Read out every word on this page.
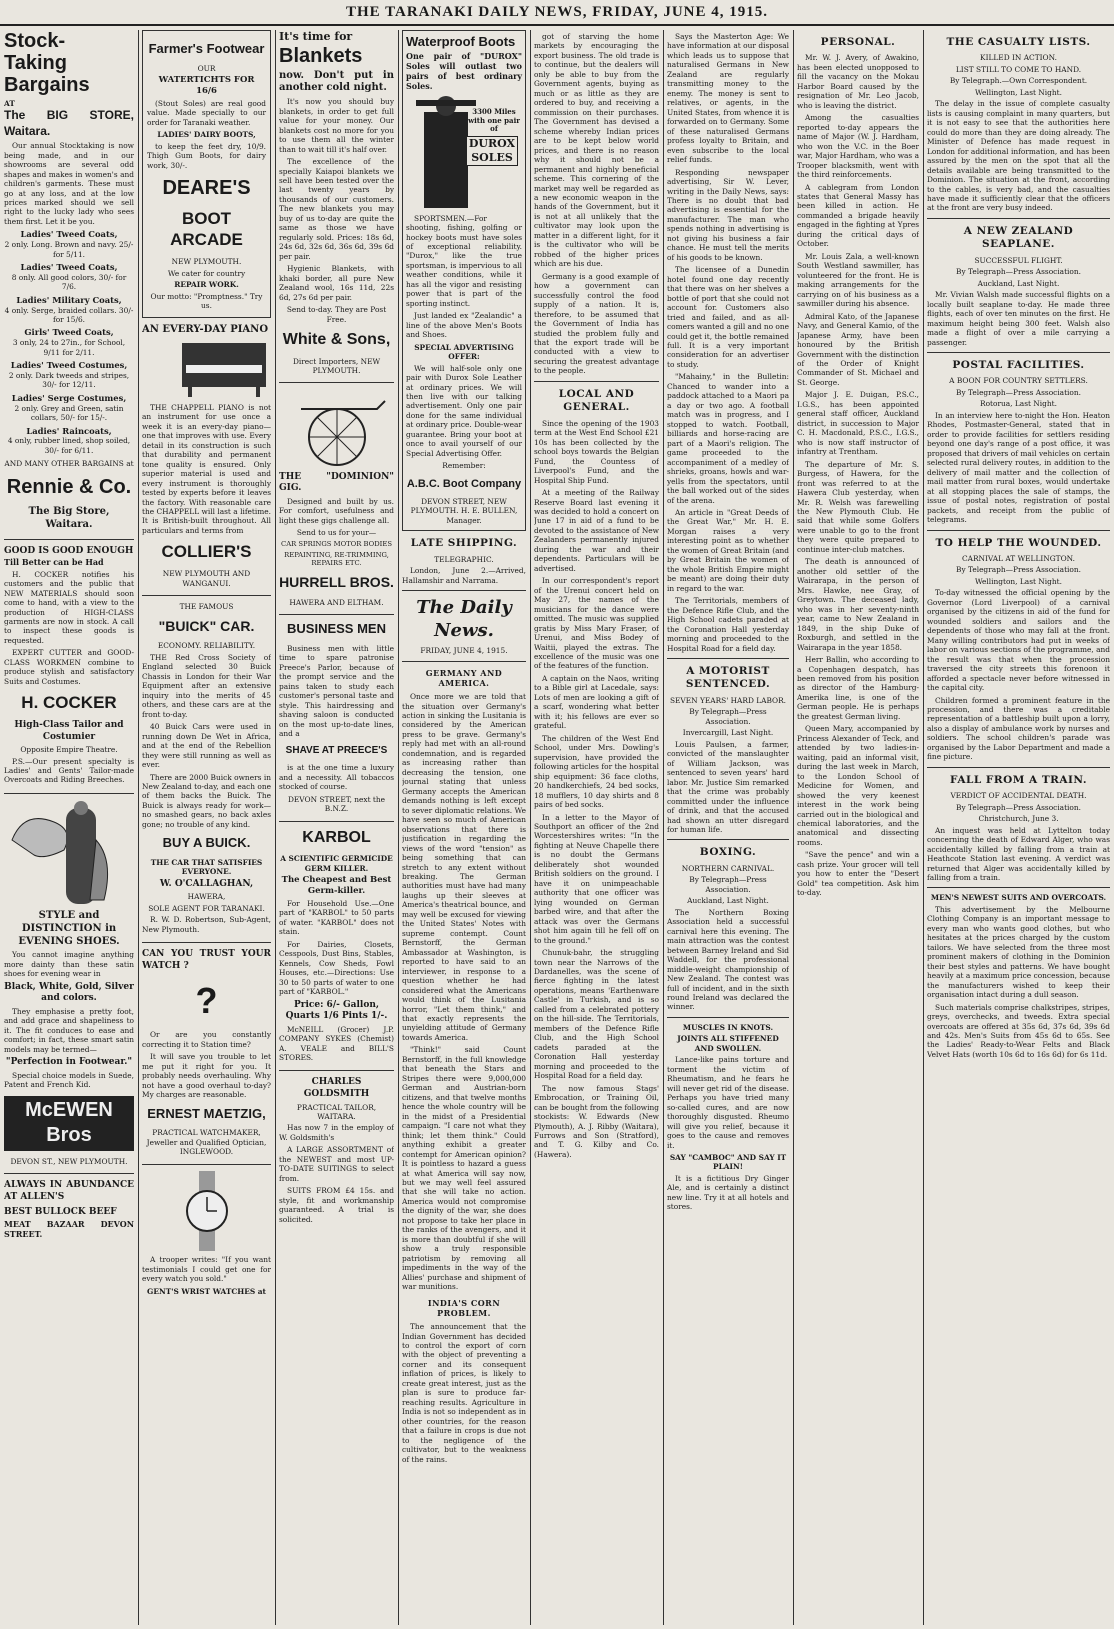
THE TARANAKI DAILY NEWS, FRIDAY, JUNE 4, 1915.
Stock-
Taking
Bargains
AT
The BIG STORE, Waitara.
Our annual Stocktaking is now being made, and in our showrooms are several odd shapes and makes in women's and children's garments. These must go at any loss, and at the low prices marked should we sell right to the lucky lady who sees them first. Let it be you.
Ladies' Tweed Coats,
2 only. Long. Brown and navy. 25/- for 5/11.
Ladies' Tweed Coats,
8 only. All good colors, 30/- for 7/6.
Ladies' Military Coats,
4 only. Serge, braided collars. 30/- for 15/6.
Girls' Tweed Coats,
3 only, 24 to 27in., for School, 9/11 for 2/11.
Ladies' Tweed Costumes,
2 only. Dark tweeds and stripes, 30/- for 12/11.
Ladies' Serge Costumes,
2 only. Grey and Green, satin collars, 50/- for 15/-.
Ladies' Raincoats,
4 only, rubber lined, shop soiled, 30/- for 6/11.
AND MANY OTHER BARGAINS at
Rennie & Co.
The Big Store, Waitara.
GOOD IS GOOD ENOUGH
Till Better can be Had
H. COCKER notifies his customers and the public that NEW MATERIALS should soon come to hand, with a view to the production of HIGH-CLASS garments are now in stock. A call to inspect these goods is requested.
EXPERT CUTTER and GOOD-CLASS WORKMEN combine to produce stylish and satisfactory Suits and Costumes.
H. COCKER
High-Class Tailor and Costumier
Opposite Empire Theatre.
P.S.—Our present specialty is Ladies' and Gents' Tailor-made Overcoats and Riding Breeches.
STYLE and DISTINCTION in EVENING SHOES.
You cannot imagine anything more dainty than these satin shoes for evening wear in
Black, White, Gold, Silver and colors.
They emphasise a pretty foot, and add grace and shapeliness to it. The fit conduces to ease and comfort; in fact, these smart satin models may be termed—
"Perfection in Footwear."
Special choice models in Suede, Patent and French Kid.
McEWEN Bros
DEVON ST., NEW PLYMOUTH.
ALWAYS IN ABUNDANCE AT ALLEN'S
BEST BULLOCK BEEF
MEAT BAZAAR DEVON STREET.
Farmer's Footwear
OUR
WATERTICHTS FOR 16/6
(Stout Soles) are real good value. Made specially to our order for Taranaki weather.
LADIES' DAIRY BOOTS,
to keep the feet dry, 10/9. Thigh Gum Boots, for dairy work, 30/-.
DEARE'S
BOOT ARCADE
NEW PLYMOUTH.
We cater for country
REPAIR WORK.
Our motto: "Promptness." Try us.
AN EVERY-DAY PIANO
THE CHAPPELL PIANO is not an instrument for use once a week it is an every-day piano—one that improves with use. Every detail in its construction is such that durability and permanent tone quality is ensured. Only superior material is used and every instrument is thoroughly tested by experts before it leaves the factory. With reasonable care the CHAPPELL will last a lifetime. It is British-built throughout. All particulars and terms from
COLLIER'S
NEW PLYMOUTH AND WANGANUI.
THE FAMOUS
"BUICK" CAR.
ECONOMY. RELIABILITY.
THE Red Cross Society of England selected 30 Buick Chassis in London for their War Equipment after an extensive inquiry into the merits of 45 others, and these cars are at the front to-day.
40 Buick Cars were used in running down De Wet in Africa, and at the end of the Rebellion they were still running as well as ever.
There are 2000 Buick owners in New Zealand to-day, and each one of them backs the Buick. The Buick is always ready for work—no smashed gears, no back axles gone; no trouble of any kind.
BUY A BUICK.
THE CAR THAT SATISFIES EVERYONE.
W. O'CALLAGHAN,
HAWERA,
SOLE AGENT FOR TARANAKI.
R. W. D. Robertson, Sub-Agent, New Plymouth.
CAN YOU TRUST YOUR WATCH ?
?
Or are you constantly correcting it to Station time?
It will save you trouble to let me put it right for you. It probably needs overhauling. Why not have a good overhaul to-day? My charges are reasonable.
ERNEST MAETZIG,
PRACTICAL WATCHMAKER, Jeweller and Qualified Optician, INGLEWOOD.
A trooper writes: "If you want testimonials I could get one for every watch you sold."
GENT'S WRIST WATCHES at
It's time for
Blankets
now. Don't put in another cold night.
It's now you should buy blankets, in order to get full value for your money. Our blankets cost no more for you to use them all the winter than to wait till it's half over.
The excellence of the specially Kaiapoi blankets we sell have been tested over the last twenty years by thousands of our customers. The new blankets you may buy of us to-day are quite the same as those we have regularly sold. Prices: 18s 6d, 24s 6d, 32s 6d, 36s 6d, 39s 6d per pair.
Hygienic Blankets, with khaki border, all pure New Zealand wool, 16s 11d, 22s 6d, 27s 6d per pair.
Send to-day. They are Post Free.
White & Sons,
Direct Importers, NEW PLYMOUTH.
THE "DOMINION" GIG.
Designed and built by us. For comfort, usefulness and light these gigs challenge all.
Send to us for your—
CAR SPRINGS MOTOR BODIES
REPAINTING, RE-TRIMMING, REPAIRS ETC.
HURRELL BROS.
HAWERA AND ELTHAM.
BUSINESS MEN
Business men with little time to spare patronise Preece's Parlor, because of the prompt service and the pains taken to study each customer's personal taste and style. This hairdressing and shaving saloon is conducted on the most up-to-date lines, and a
SHAVE AT PREECE'S
is at the one time a luxury and a necessity. All tobaccos stocked of course.
DEVON STREET, next the B.N.Z.
KARBOL
A SCIENTIFIC GERMICIDE GERM KILLER.
The Cheapest and Best Germ-killer.
For Household Use.—One part of "KARBOL" to 50 parts of water. "KARBOL" does not stain.
For Dairies, Closets, Cesspools, Dust Bins, Stables, Kennels, Cow Sheds, Fowl Houses, etc.—Directions: Use 30 to 50 parts of water to one part of "KARBOL."
Price: 6/- Gallon, Quarts 1/6 Pints 1/-.
McNEILL (Grocer) J.P. COMPANY SYKES (Chemist) A. VEALE and BILL'S STORES.
CHARLES GOLDSMITH
PRACTICAL TAILOR, WAITARA.
Has now 7 in the employ of W. Goldsmith's
A LARGE ASSORTMENT of the NEWEST and most UP-TO-DATE SUITINGS to select from.
SUITS FROM £4 15s. and style, fit and workmanship guaranteed. A trial is solicited.
Waterproof Boots
One pair of "DUROX" Soles will outlast two pairs of best ordinary Soles.
3300 Miles with one pair of
DUROX SOLES
SPORTSMEN.—For shooting, fishing, golfing or hockey boots must have soles of exceptional reliability. "Durox," like the true sportsman, is impervious to all weather conditions, while it has all the vigor and resisting power that is part of the sporting instinct.
Just landed ex "Zealandic" a line of the above Men's Boots and Shoes.
SPECIAL ADVERTISING OFFER:
We will half-sole only one pair with Durox Sole Leather at ordinary prices. We will then live with our talking advertisement. Only one pair done for the same individual at ordinary price. Double-wear guarantee. Bring your boot at once to avail yourself of our Special Advertising Offer.
Remember:
A.B.C. Boot Company
DEVON STREET, NEW PLYMOUTH. H. E. BULLEN, Manager.
LATE SHIPPING.
TELEGRAPHIC.
London, June 2.—Arrived, Hallamshir and Narrama.
The Daily News.
FRIDAY, JUNE 4, 1915.
GERMANY AND AMERICA.
Once more we are told that the situation over Germany's action in sinking the Lusitania is considered by the American press to be grave. Germany's reply had met with an all-round condemnation, and is regarded as increasing rather than decreasing the tension, one journal stating that unless Germany accepts the American demands nothing is left except to sever diplomatic relations. We have seen so much of American observations that there is justification in regarding the views of the word "tension" as being something that can stretch to any extent without breaking. The German authorities must have had many laughs up their sleeves at America's theatrical bounce, and may well be excused for viewing the United States' Notes with supreme contempt. Count Bernstorff, the German Ambassador at Washington, is reported to have said to an interviewer, in response to a question whether he had considered what the Americans would think of the Lusitania horror, "Let them think," and that exactly represents the unyielding attitude of Germany towards America.
"Think!" said Count Bernstorff, in the full knowledge that beneath the Stars and Stripes there were 9,000,000 German and Austrian-born citizens, and that twelve months hence the whole country will be in the midst of a Presidential campaign. "I care not what they think; let them think." Could anything exhibit a greater contempt for American opinion? It is pointless to hazard a guess at what America will say now, but we may well feel assured that she will take no action. America would not compromise the dignity of the war, she does not propose to take her place in the ranks of the avengers, and it is more than doubtful if she will show a truly responsible patriotism by removing all impediments in the way of the Allies' purchase and shipment of war munitions.
INDIA'S CORN PROBLEM.
The announcement that the Indian Government has decided to control the export of corn with the object of preventing a corner and its consequent inflation of prices, is likely to create great interest, just as the plan is sure to produce far-reaching results. Agriculture in India is not so independent as in other countries, for the reason that a failure in crops is due not to the negligence of the cultivator, but to the weakness of the rains.
got of starving the home markets by encouraging the export business. The old trade is to continue, but the dealers will only be able to buy from the Government agents, buying as much or as little as they are ordered to buy, and receiving a commission on their purchases. The Government has devised a scheme whereby Indian prices are to be kept below world prices, and there is no reason why it should not be a permanent and highly beneficial scheme. This cornering of the market may well be regarded as a new economic weapon in the hands of the Government, but it is not at all unlikely that the cultivator may look upon the matter in a different light, for it is the cultivator who will be robbed of the higher prices which are his due.
Germany is a good example of how a government can successfully control the food supply of a nation. It is, therefore, to be assumed that the Government of India has studied the problem fully and that the export trade will be conducted with a view to securing the greatest advantage to the people.
LOCAL AND GENERAL.
Since the opening of the 1903 term at the West End School £21 10s has been collected by the school boys towards the Belgian Fund, the Countess of Liverpool's Fund, and the Hospital Ship Fund.
At a meeting of the Railway Reserve Board last evening it was decided to hold a concert on June 17 in aid of a fund to be devoted to the assistance of New Zealanders permanently injured during the war and their dependents. Particulars will be advertised.
In our correspondent's report of the Urenui concert held on May 27, the names of the musicians for the dance were omitted. The music was supplied gratis by Miss Mary Fraser, of Urenui, and Miss Bodey of Waitii, played the extras. The excellence of the music was one of the features of the function.
A captain on the Naos, writing to a Bible girl at Lacedale, says: Lots of men are looking a gift of a scarf, wondering what better with it; his fellows are ever so grateful.
The children of the West End School, under Mrs. Dowling's supervision, have provided the following articles for the hospital ship equipment: 36 face cloths, 20 handkerchiefs, 24 bed socks, 18 mufflers, 10 day shirts and 8 pairs of bed socks.
In a letter to the Mayor of Southport an officer of the 2nd Worcestershires writes: "In the fighting at Neuve Chapelle there is no doubt the Germans deliberately shot wounded British soldiers on the ground. I have it on unimpeachable authority that one officer was lying wounded on German barbed wire, and that after the attack was over the Germans shot him again till he fell off on to the ground."
Chunuk-bahr, the struggling town near the Narrows of the Dardanelles, was the scene of fierce fighting in the latest operations, means 'Earthenware Castle' in Turkish, and is so called from a celebrated pottery on the hill-side. The Territorials, members of the Defence Rifle Club, and the High School cadets paraded at the Coronation Hall yesterday morning and proceeded to the Hospital Road for a field day.
The now famous Stags' Embrocation, or Training Oil, can be bought from the following stockists: W. Edwards (New Plymouth), A. J. Ribby (Waitara), Furrows and Son (Stratford), and T. G. Kilby and Co. (Hawera).
Says the Masterton Age: We have information at our disposal which leads us to suppose that naturalised Germans in New Zealand are regularly transmitting money to the enemy. The money is sent to relatives, or agents, in the United States, from whence it is forwarded on to Germany. Some of these naturalised Germans profess loyalty to Britain, and even subscribe to the local relief funds.
Responding newspaper advertising, Sir W. Lever, writing in the Daily News, says: There is no doubt that bad advertising is essential for the manufacturer. The man who spends nothing in advertising is not giving his business a fair chance. He must tell the merits of his goods to be known.
The licensee of a Dunedin hotel found one day recently that there was on her shelves a bottle of port that she could not account for. Customers also tried and failed, and as all-comers wanted a gill and no one could get it, the bottle remained full. It is a very important consideration for an advertiser to study.
"Mahainy," in the Bulletin: Chanced to wander into a paddock attached to a Maori pa a day or two ago. A football match was in progress, and I stopped to watch. Football, billiards and horse-racing are part of a Maori's religion. The game proceeded to the accompaniment of a medley of shrieks, groans, howls and war-yells from the spectators, until the ball worked out of the sides of the arena.
An article in "Great Deeds of the Great War," Mr. H. E. Morgan raises a very interesting point as to whether the women of Great Britain (and by Great Britain the women of the whole British Empire might be meant) are doing their duty in regard to the war.
The Territorials, members of the Defence Rifle Club, and the High School cadets paraded at the Coronation Hall yesterday morning and proceeded to the Hospital Road for a field day.
A MOTORIST SENTENCED.
SEVEN YEARS' HARD LABOR.
By Telegraph—Press Association.
Invercargill, Last Night.
Louis Paulsen, a farmer, convicted of the manslaughter of William Jackson, was sentenced to seven years' hard labor. Mr. Justice Sim remarked that the crime was probably committed under the influence of drink, and that the accused had shown an utter disregard for human life.
BOXING.
NORTHERN CARNIVAL.
By Telegraph—Press Association.
Auckland, Last Night.
The Northern Boxing Association held a successful carnival here this evening. The main attraction was the contest between Barney Ireland and Sid Waddell, for the professional middle-weight championship of New Zealand. The contest was full of incident, and in the sixth round Ireland was declared the winner.
MUSCLES IN KNOTS.
JOINTS ALL STIFFENED AND SWOLLEN.
Lance-like pains torture and torment the victim of Rheumatism, and he fears he will never get rid of the disease. Perhaps you have tried many so-called cures, and are now thoroughly disgusted. Rheumo will give you relief, because it goes to the cause and removes it.
SAY "CAMBOC" AND SAY IT PLAIN!
It is a fictitious Dry Ginger Ale, and is certainly a distinct new line. Try it at all hotels and stores.
PERSONAL.
Mr. W. J. Avery, of Awakino, has been elected unopposed to fill the vacancy on the Mokau Harbor Board caused by the resignation of Mr. Leo Jacob, who is leaving the district.
Among the casualties reported to-day appears the name of Major (W. J. Hardham, who won the V.C. in the Boer war, Major Hardham, who was a Trooper blacksmith, went with the third reinforcements.
A cablegram from London states that General Massy has been killed in action. He commanded a brigade heavily engaged in the fighting at Ypres during the critical days of October.
Mr. Louis Zala, a well-known South Westland sawmiller, has volunteered for the front. He is making arrangements for the carrying on of his business as a sawmiller during his absence.
Admiral Kato, of the Japanese Navy, and General Kamio, of the Japanese Army, have been honoured by the British Government with the distinction of the Order of Knight Commander of St. Michael and St. George.
Major J. E. Duigan, P.S.C., I.G.S., has been appointed general staff officer, Auckland district, in succession to Major C. H. Macdonald, P.S.C., I.G.S., who is now staff instructor of infantry at Trentham.
The departure of Mr. S. Burgess, of Hawera, for the front was referred to at the Hawera Club yesterday, when Mr. R. Welsh was farewelling the New Plymouth Club. He said that while some Golfers were unable to go to the front they were quite prepared to continue inter-club matches.
The death is announced of another old settler of the Wairarapa, in the person of Mrs. Hawke, nee Gray, of Greytown. The deceased lady, who was in her seventy-ninth year, came to New Zealand in 1849, in the ship Duke of Roxburgh, and settled in the Wairarapa in the year 1858.
Herr Ballin, who according to a Copenhagen despatch, has been removed from his position as director of the Hamburg-Amerika line, is one of the German people. He is perhaps the greatest German living.
Queen Mary, accompanied by Princess Alexander of Teck, and attended by two ladies-in-waiting, paid an informal visit, during the last week in March, to the London School of Medicine for Women, and showed the very keenest interest in the work being carried out in the biological and chemical laboratories, and the anatomical and dissecting rooms.
"Save the pence" and win a cash prize. Your grocer will tell you how to enter the "Desert Gold" tea competition. Ask him to-day.
THE CASUALTY LISTS.
KILLED IN ACTION.
LIST STILL TO COME TO HAND.
By Telegraph.—Own Correspondent.
Wellington, Last Night.
The delay in the issue of complete casualty lists is causing complaint in many quarters, but it is not easy to see that the authorities here could do more than they are doing already. The Minister of Defence has made request in London for additional information, and has been assured by the men on the spot that all the details available are being transmitted to the Dominion. The situation at the front, according to the cables, is very bad, and the casualties have made it sufficiently clear that the officers at the front are very busy indeed.
A NEW ZEALAND SEAPLANE.
SUCCESSFUL FLIGHT.
By Telegraph—Press Association.
Auckland, Last Night.
Mr. Vivian Walsh made successful flights on a locally built seaplane to-day. He made three flights, each of over ten minutes on the first. He maximum height being 300 feet. Walsh also made a flight of over a mile carrying a passenger.
POSTAL FACILITIES.
A BOON FOR COUNTRY SETTLERS.
By Telegraph—Press Association.
Rotorua, Last Night.
In an interview here to-night the Hon. Heaton Rhodes, Postmaster-General, stated that in order to provide facilities for settlers residing beyond one day's range of a post office, it was proposed that drivers of mail vehicles on certain selected rural delivery routes, in addition to the delivery of mail matter and the collection of mail matter from rural boxes, would undertake at all stopping places the sale of stamps, the issue of postal notes, registration of postal packets, and receipt from the public of telegrams.
TO HELP THE WOUNDED.
CARNIVAL AT WELLINGTON.
By Telegraph—Press Association.
Wellington, Last Night.
To-day witnessed the official opening by the Governor (Lord Liverpool) of a carnival organised by the citizens in aid of the fund for wounded soldiers and sailors and the dependents of those who may fall at the front. Many willing contributors had put in weeks of labor on various sections of the programme, and the result was that when the procession traversed the city streets this forenoon it afforded a spectacle never before witnessed in the capital city.
Children formed a prominent feature in the procession, and there was a creditable representation of a battleship built upon a lorry, also a display of ambulance work by nurses and soldiers. The school children's parade was organised by the Labor Department and made a fine picture.
FALL FROM A TRAIN.
VERDICT OF ACCIDENTAL DEATH.
By Telegraph—Press Association.
Christchurch, June 3.
An inquest was held at Lyttelton today concerning the death of Edward Alger, who was accidentally killed by falling from a train at Heathcote Station last evening. A verdict was returned that Alger was accidentally killed by falling from a train.
MEN'S NEWEST SUITS AND OVERCOATS.
This advertisement by the Melbourne Clothing Company is an important message to every man who wants good clothes, but who hesitates at the prices charged by the custom tailors. We have selected from the three most prominent makers of clothing in the Dominion their best styles and patterns. We have bought heavily at a maximum price concession, because the manufacturers wished to keep their organisation intact during a dull season.
Such materials comprise chalkstripes, stripes, greys, overchecks, and tweeds. Extra special overcoats are offered at 35s 6d, 37s 6d, 39s 6d and 42s. Men's Suits from 45s 6d to 65s. See the Ladies' Ready-to-Wear Felts and Black Velvet Hats (worth 10s 6d to 16s 6d) for 6s 11d.
